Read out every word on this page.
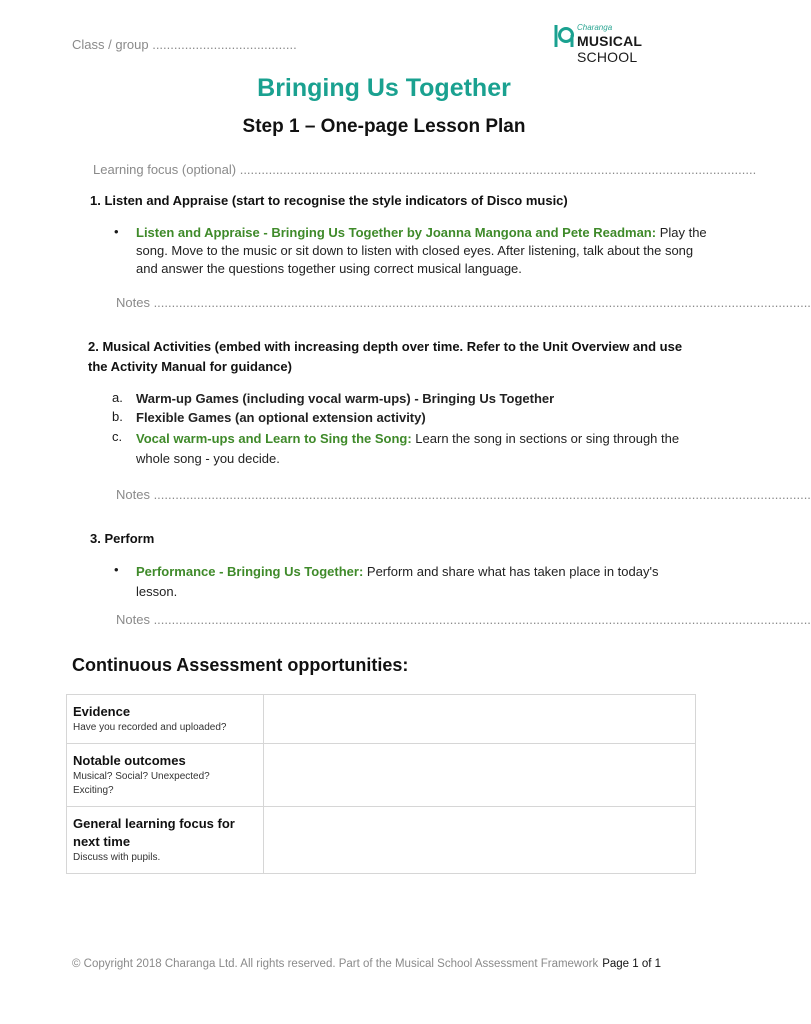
Class / group ........................................
Charanga
MUSICAL SCHOOL
Bringing Us Together
Step 1 – One-page Lesson Plan
Learning focus (optional) ...............................................................................................................................................
1. Listen and Appraise (start to recognise the style indicators of Disco music)
• Listen and Appraise - Bringing Us Together by Joanna Mangona and Pete Readman: Play the
song. Move to the music or sit down to listen with closed eyes. After listening, talk about the song and answer the questions together using correct musical language.
Notes ......................................................................................................................................................................................
2. Musical Activities (embed with increasing depth over time. Refer to the Unit Overview and use
the Activity Manual for guidance)
a. Warm-up Games (including vocal warm-ups) - Bringing Us Together
b. Flexible Games (an optional extension activity)
c. Vocal warm-ups and Learn to Sing the Song: Learn the song in sections or sing through the
whole song - you decide.
Notes ......................................................................................................................................................................................
3. Perform
• Performance - Bringing Us Together: Perform and share what has taken place in today's
lesson.
Notes ......................................................................................................................................................................................
Continuous Assessment opportunities:
Evidence
Have you recorded and uploaded?	

Notable outcomes
Musical? Social? Unexpected? Exciting?	

General learning focus for next time
Discuss with pupils.	

© Copyright 2018 Charanga Ltd. All rights reserved. Part of the Musical School Assessment Framework Page 1 of 1
